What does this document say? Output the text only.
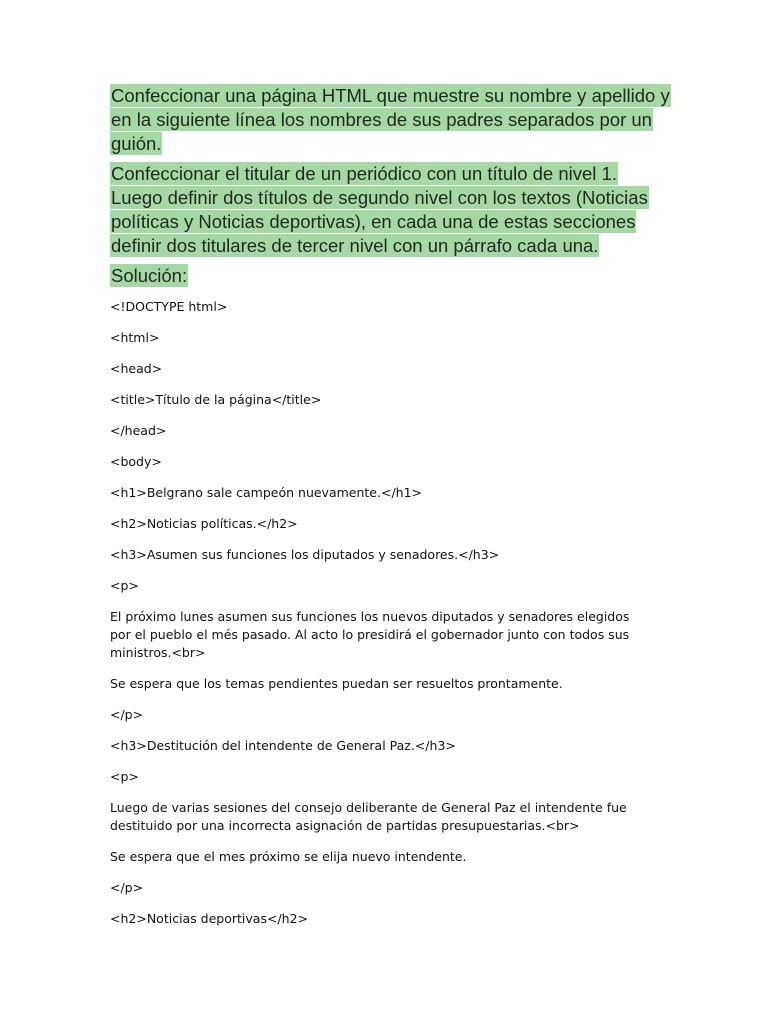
Confeccionar una página HTML que muestre su nombre y apellido y en la siguiente línea los nombres de sus padres separados por un guión.

Confeccionar el titular de un periódico con un título de nivel 1. Luego definir dos títulos de segundo nivel con los textos (Noticias políticas y Noticias deportivas), en cada una de estas secciones definir dos titulares de tercer nivel con un párrafo cada una.

Solución:

<!DOCTYPE html>
<html>
<head>
<title>Título de la página</title>
</head>
<body>
<h1>Belgrano sale campeón nuevamente.</h1>
<h2>Noticias políticas.</h2>
<h3>Asumen sus funciones los diputados y senadores.</h3>
<p>
El próximo lunes asumen sus funciones los nuevos diputados y senadores elegidos por el pueblo el més pasado. Al acto lo presidirá el gobernador junto con todos sus ministros.<br>
Se espera que los temas pendientes puedan ser resueltos prontamente.
</p>
<h3>Destitución del intendente de General Paz.</h3>
<p>
Luego de varias sesiones del consejo deliberante de General Paz el intendente fue destituido por una incorrecta asignación de partidas presupuestarias.<br>
Se espera que el mes próximo se elija nuevo intendente.
</p>
<h2>Noticias deportivas</h2>
